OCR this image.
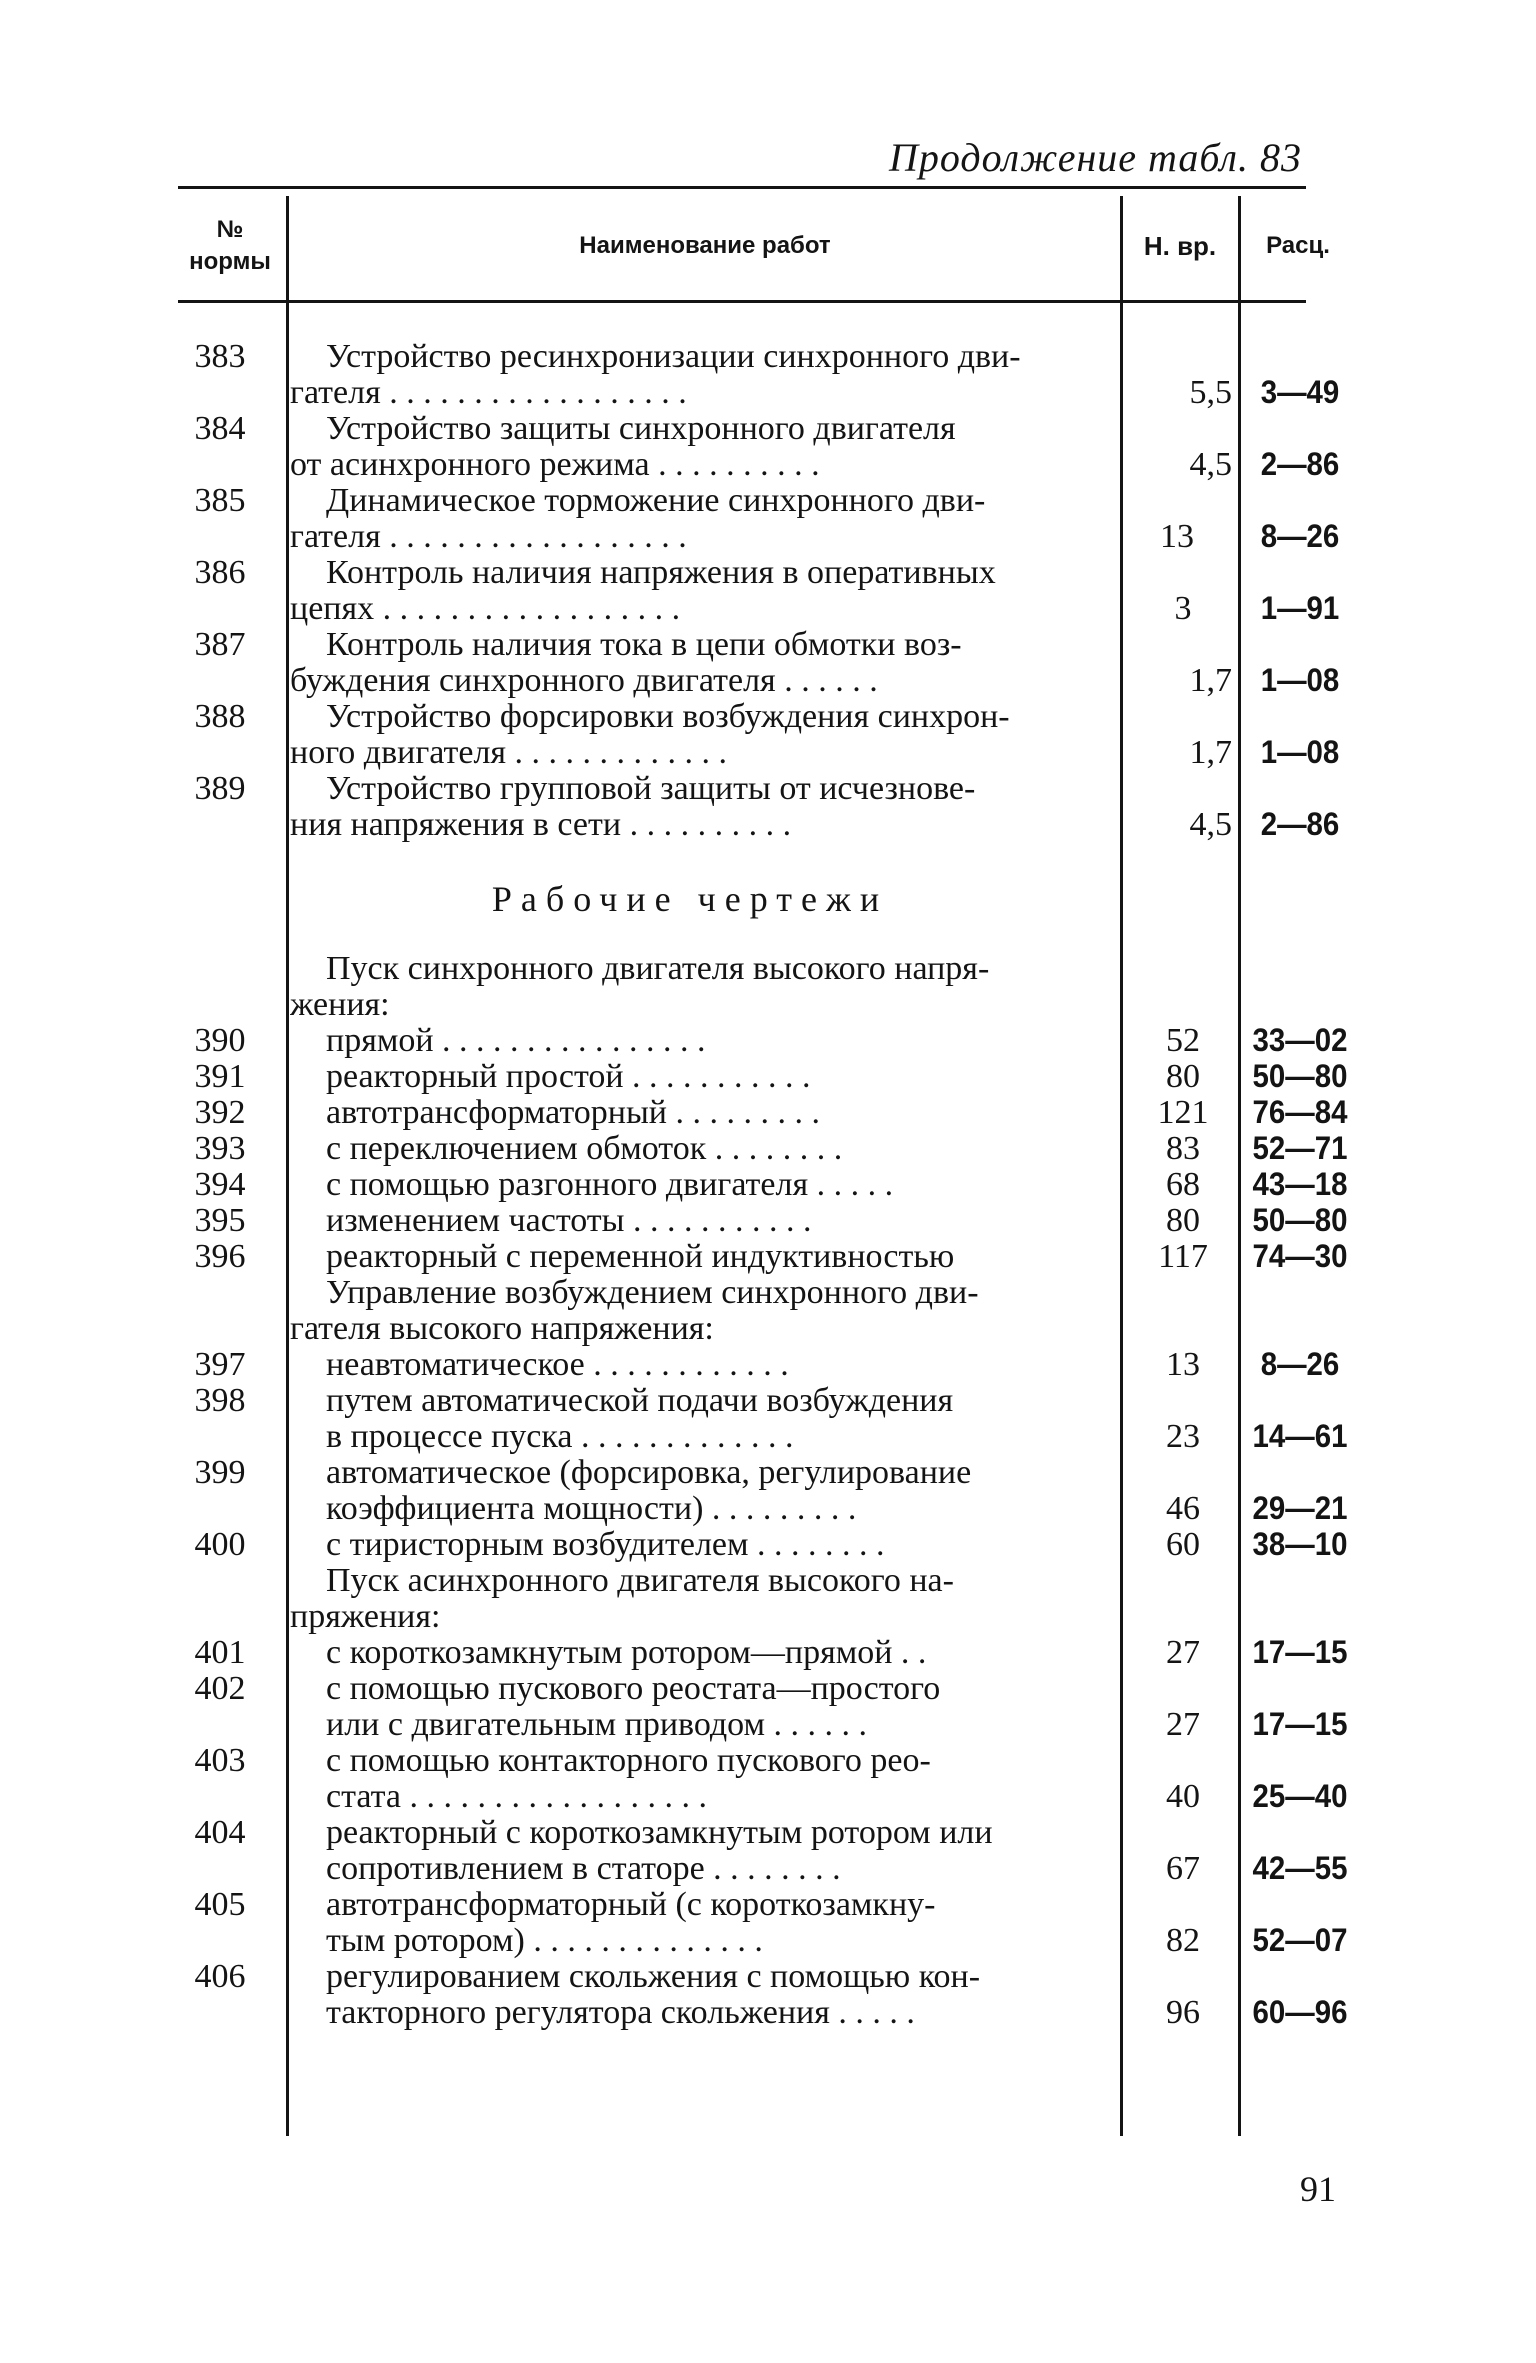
Продолжение табл. 83
№
нормы
Наименование работ	Н. вр.	Расц.
383	Устройство ресинхронизации синхронного дви-
гателя . . . . . . . . . . . . . . . . . .	5,5 3—49
384	Устройство защиты синхронного двигателя
от асинхронного режима . . . . . . . . . .	4,5 2—86
385	Динамическое торможение синхронного дви-
гателя . . . . . . . . . . . . . . . . . .	13	8—26
386	Контроль наличия напряжения в оперативных
цепях . . . . . . . . . . . . . . . . . .	3	1—91
387	Контроль наличия тока в цепи обмотки воз-
буждения синхронного двигателя . . . . . .	1,7 1—08
388	Устройство форсировки возбуждения синхрон-
ного двигателя . . . . . . . . . . . . .	1,7 1—08
389	Устройство групповой защиты от исчезнове-
ния напряжения в сети . . . . . . . . . .	4,5 2—86
Рабочие чертежи
Пуск синхронного двигателя высокого напря-
жения:
390	прямой . . . . . . . . . . . . . . . .	52	33—02
391	реакторный простой . . . . . . . . . . .	80	50—80
392	автотрансформаторный . . . . . . . . .	121	76—84
393	с переключением обмоток . . . . . . . .	83	52—71
394	с помощью разгонного двигателя . . . . .	68	43—18
395	изменением частоты . . . . . . . . . . .	80	50—80
396	реакторный с переменной индуктивностью	117	74—30
Управление возбуждением синхронного дви-
гателя высокого напряжения:
397	неавтоматическое . . . . . . . . . . . .	13	8—26
398	путем автоматической подачи возбуждения
в процессе пуска . . . . . . . . . . . . .	23	14—61
399	автоматическое (форсировка, регулирование
коэффициента мощности) . . . . . . . . .	46	29—21
400	с тиристорным возбудителем . . . . . . . .	60	38—10
Пуск асинхронного двигателя высокого на-
пряжения:
401	с короткозамкнутым ротором—прямой . .	27	17—15
402	с помощью пускового реостата—простого
или с двигательным приводом . . . . . .	27	17—15
403	с помощью контакторного пускового рео-
стата . . . . . . . . . . . . . . . . . .	40	25—40
404	реакторный с короткозамкнутым ротором или
сопротивлением в статоре . . . . . . . .	67	42—55
405	автотрансформаторный (с короткозамкну-
тым ротором) . . . . . . . . . . . . . .	82	52—07
406	регулированием скольжения с помощью кон-
такторного регулятора скольжения . . . . .	96	60—96
91
